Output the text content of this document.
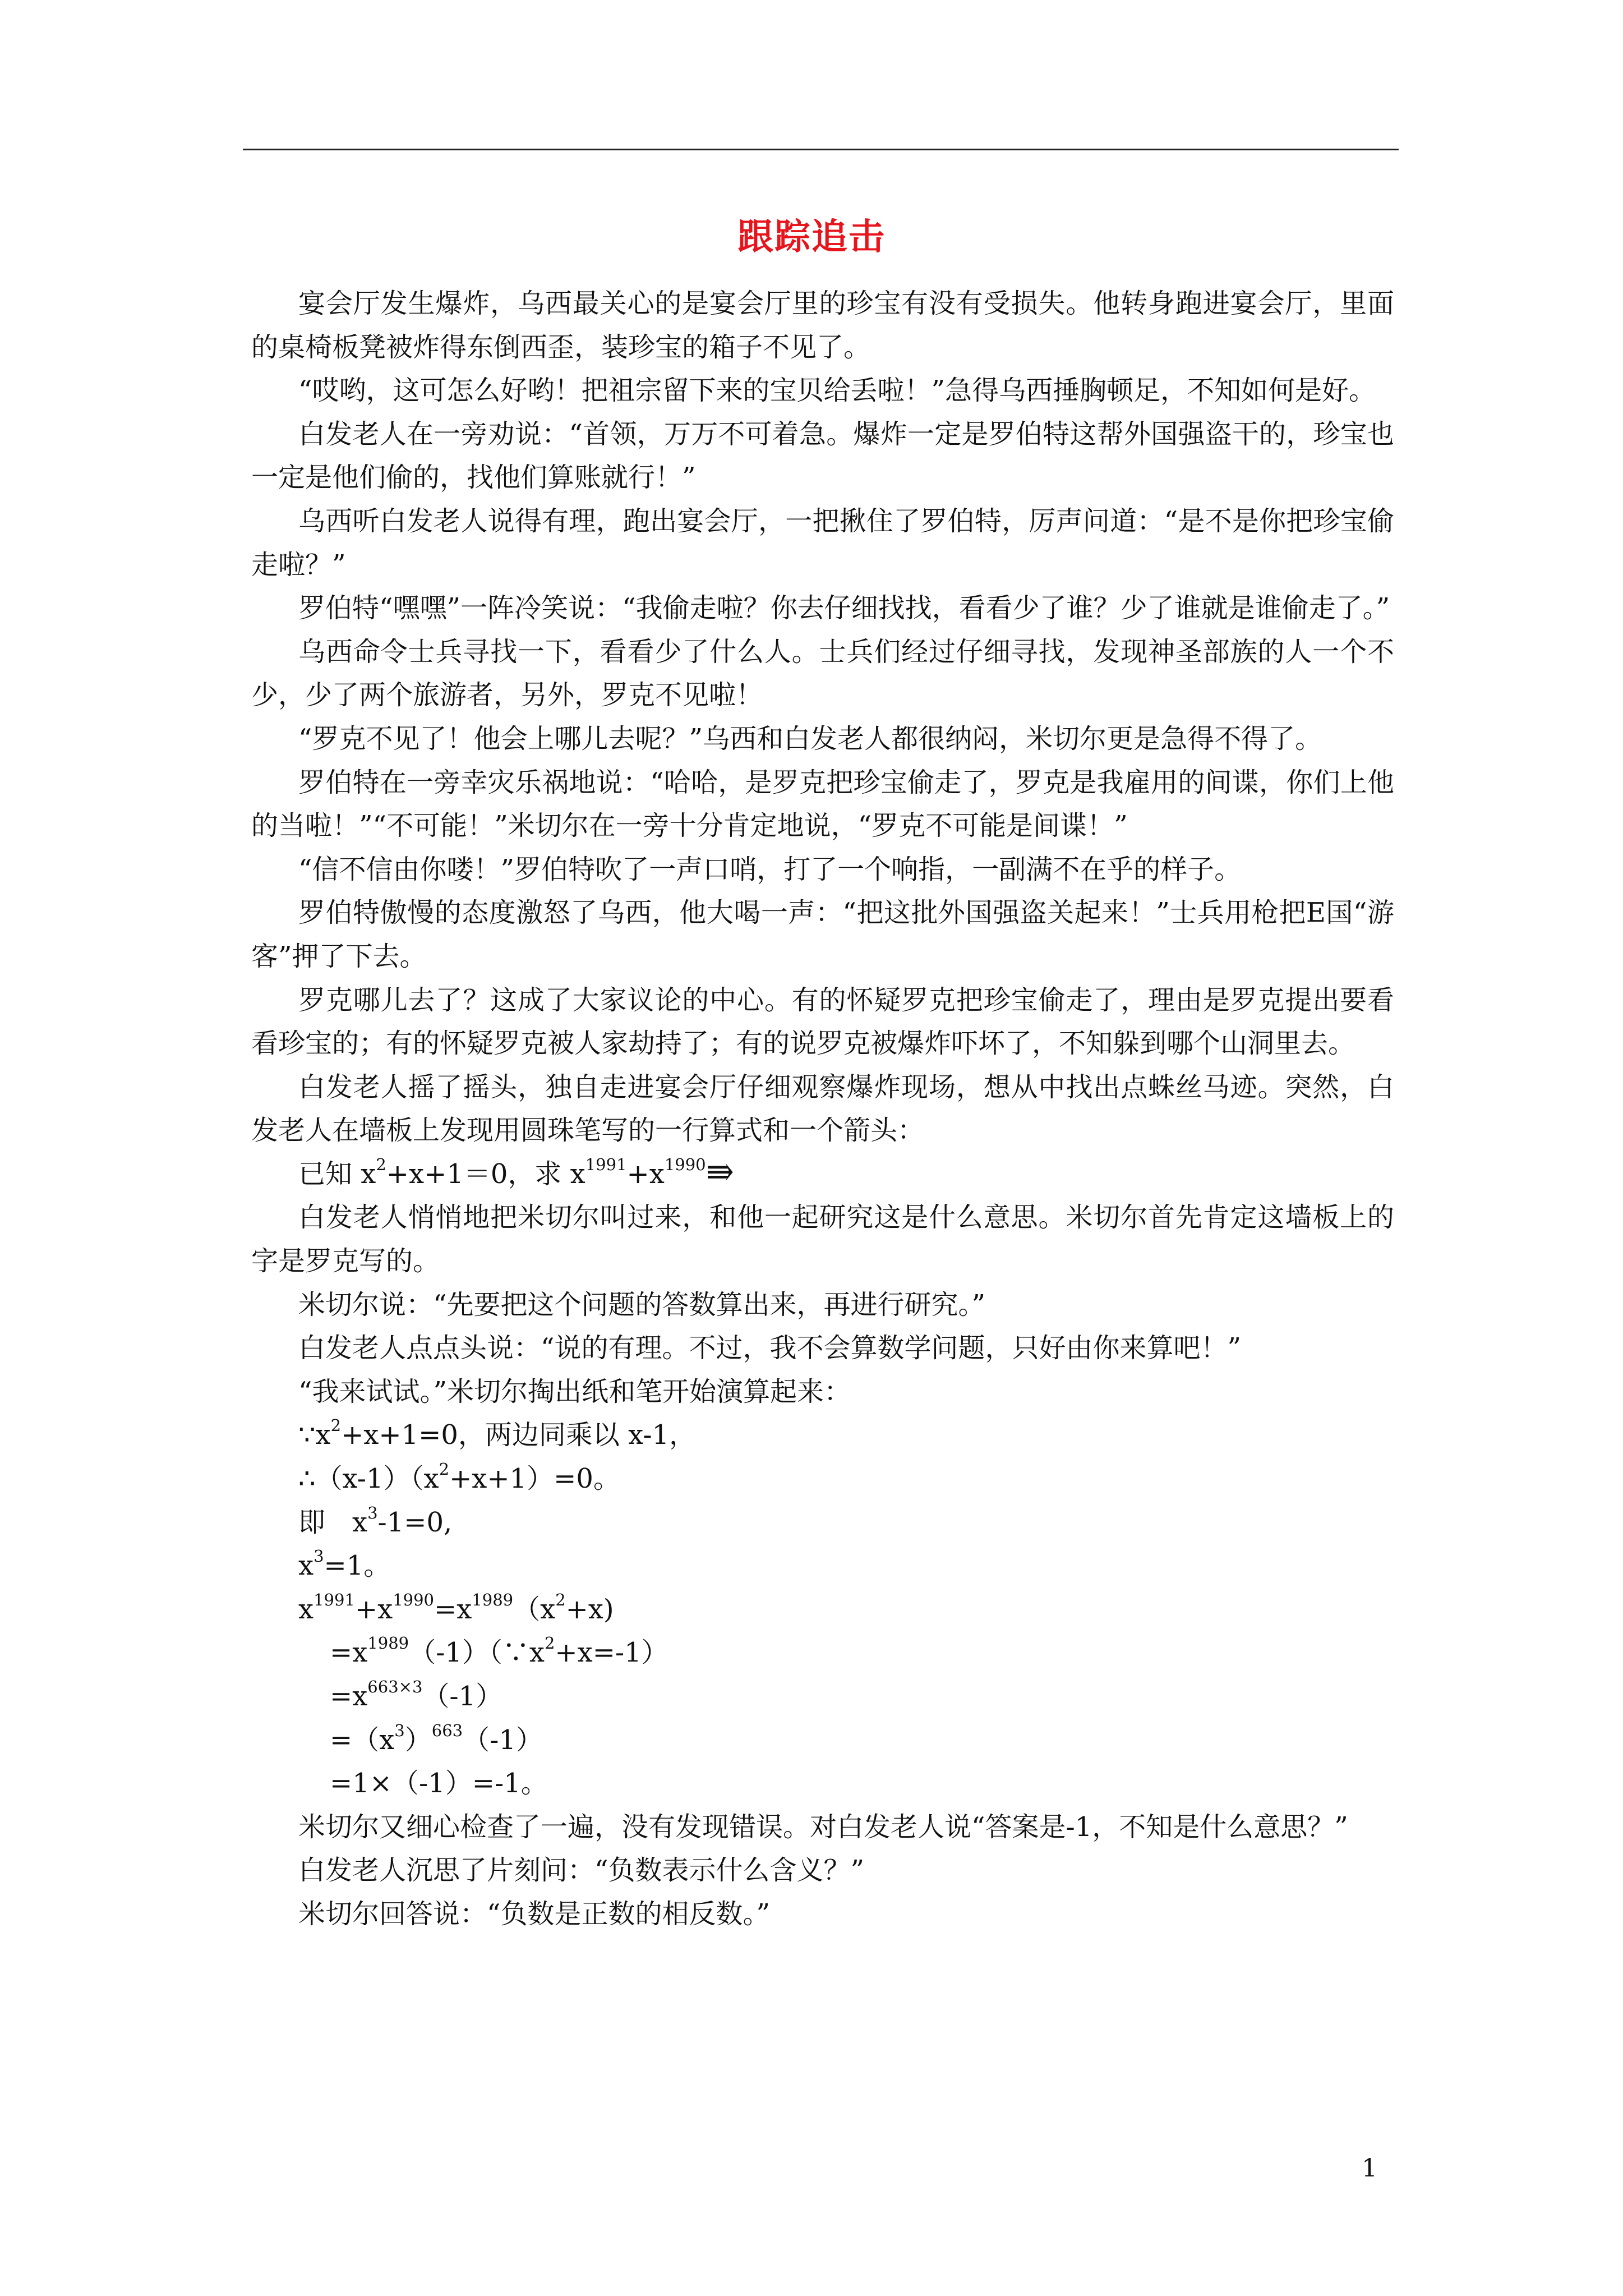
跟踪追击

宴会厅发生爆炸，乌西最关心的是宴会厅里的珍宝有没有受损失。他转身跑进宴会厅，里面的桌椅板凳被炸得东倒西歪，装珍宝的箱子不见了。

“哎哟，这可怎么好哟！把祖宗留下来的宝贝给丢啦！”急得乌西捶胸顿足，不知如何是好。

白发老人在一旁劝说：“首领，万万不可着急。爆炸一定是罗伯特这帮外国强盗干的，珍宝也一定是他们偷的，找他们算账就行！”

乌西听白发老人说得有理，跑出宴会厅，一把揪住了罗伯特，厉声问道：“是不是你把珍宝偷走啦？”

罗伯特“嘿嘿”一阵冷笑说：“我偷走啦？你去仔细找找，看看少了谁？少了谁就是谁偷走了。”

乌西命令士兵寻找一下，看看少了什么人。士兵们经过仔细寻找，发现神圣部族的人一个不少，少了两个旅游者，另外，罗克不见啦！

“罗克不见了！他会上哪儿去呢？”乌西和白发老人都很纳闷，米切尔更是急得不得了。

罗伯特在一旁幸灾乐祸地说：“哈哈，是罗克把珍宝偷走了，罗克是我雇用的间谍，你们上他的当啦！”“不可能！”米切尔在一旁十分肯定地说，“罗克不可能是间谍！”

“信不信由你喽！”罗伯特吹了一声口哨，打了一个响指，一副满不在乎的样子。

罗伯特傲慢的态度激怒了乌西，他大喝一声：“把这批外国强盗关起来！”士兵用枪把E国“游客”押了下去。

罗克哪儿去了？这成了大家议论的中心。有的怀疑罗克把珍宝偷走了，理由是罗克提出要看看珍宝的；有的怀疑罗克被人家劫持了；有的说罗克被爆炸吓坏了，不知躲到哪个山洞里去。

白发老人摇了摇头，独自走进宴会厅仔细观察爆炸现场，想从中找出点蛛丝马迹。突然，白发老人在墙板上发现用圆珠笔写的一行算式和一个箭头：

已知 $x^2+x+1=0$，求 $x^{1991}+x^{1990}⇛$

白发老人悄悄地把米切尔叫过来，和他一起研究这是什么意思。米切尔首先肯定这墙板上的字是罗克写的。

米切尔说：“先要把这个问题的答数算出来，再进行研究。”

白发老人点点头说：“说的有理。不过，我不会算数学问题，只好由你来算吧！”

“我来试试。”米切尔掏出纸和笔开始演算起来：

$\because x^2+x+1=0$，两边同乘以 x-1，
$\therefore(x-1)(x^2+x+1)=0$。
即　$x^3-1=0$,
$x^3=1$。
$x^{1991}+x^{1990}=x^{1989}(x^2+x)$
$=x^{1989}(-1)(\because x^2+x=-1)$
$=x^{663\times 3}(-1)$
$=(x^3)^{663}(-1)$
=1×（-1）=-1。

米切尔又细心检查了一遍，没有发现错误。对白发老人说“答案是-1，不知是什么意思？”

白发老人沉思了片刻问：“负数表示什么含义？”

米切尔回答说：“负数是正数的相反数。”

1
